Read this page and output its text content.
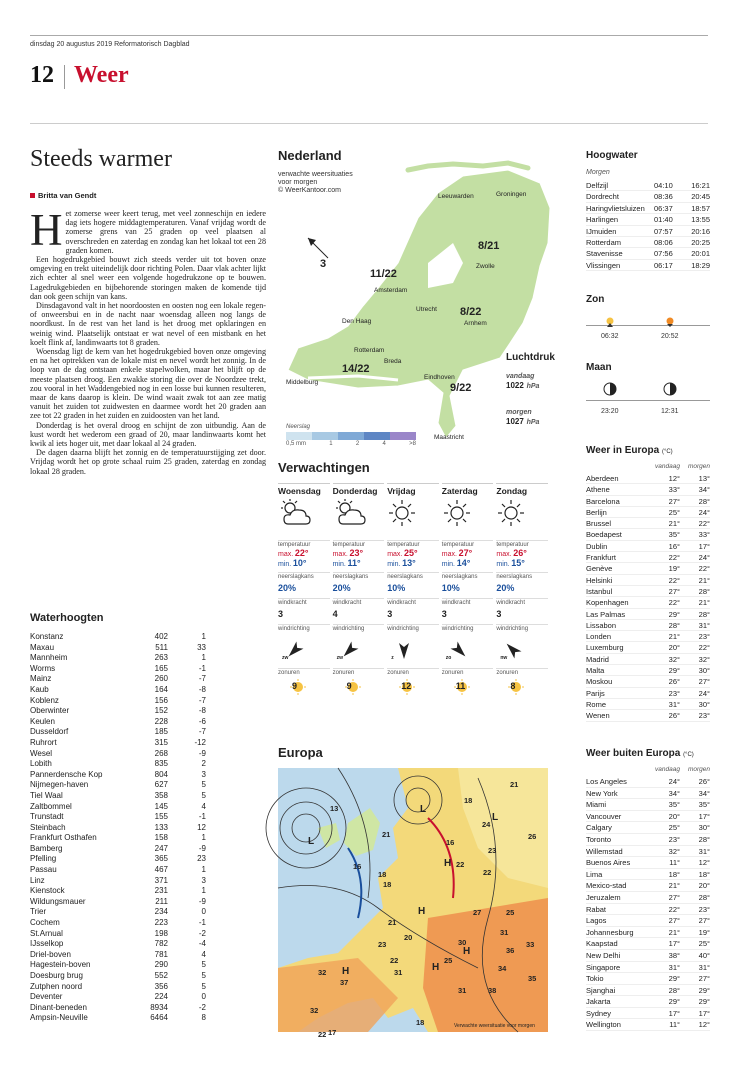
dinsdag 20 augustus 2019 Reformatorisch Dagblad
12 Weer
Steeds warmer
Britta van Gendt
H et zomerse weer keert terug, met veel zonneschijn en iedere dag iets hogere middagtemperaturen. Vanaf vrijdag wordt de zomerse grens van 25 graden op veel plaatsen al overschreden en zaterdag en zondag kan het lokaal tot een 28 graden komen.

Een hogedrukgebied bouwt zich steeds verder uit tot boven onze omgeving en trekt uiteindelijk door richting Polen. Daar vlak achter lijkt zich echter al snel weer een volgende hogedrukzone op te bouwen. Lagedrukgebieden en bijbehorende storingen maken de komende tijd dan ook geen schijn van kans.

Dinsdagavond valt in het noordoosten en oosten nog een lokale regen- of onweersbui en in de nacht naar woensdag alleen nog langs de noordkust. In de rest van het land is het droog met opklaringen en weinig wind. Plaatselijk ontstaat er wat nevel of een mistbank en het koelt flink af, landinwaarts tot 8 graden.

Woensdag ligt de kern van het hogedrukgebied boven onze omgeving en na het optrekken van de lokale mist en nevel wordt het zonnig. In de loop van de dag ontstaan enkele stapelwolken, maar het blijft op de meeste plaatsen droog. Een zwakke storing die over de Noordzee trekt, zou vooral in het Waddengebied nog in een losse bui kunnen resulteren, maar de kans daarop is klein. De wind waait zwak tot aan zee matig vanuit het zuiden tot zuidwesten en daarmee wordt het 20 graden aan zee tot 22 graden in het zuiden en zuidoosten van het land.

Donderdag is het overal droog en schijnt de zon uitbundig. Aan de kust wordt het wederom een graad of 20, maar landinwaarts komt het kwik al iets hoger uit, met daar lokaal al 24 graden.

De dagen daarna blijft het zonnig en de temperatuurstijging zet door. Vrijdag wordt het op grote schaal ruim 25 graden, zaterdag en zondag lokaal 28 graden.

Waterhoogten
Konstanz	402	1
Maxau	511	33
Mannheim	263	1
Worms	165	-1
Mainz	260	-7
Kaub	164	-8
Koblenz	156	-7
Oberwinter	152	-8
Keulen	228	-6
Dusseldorf	185	-7
Ruhrort	315	-12
Wesel	268	-9
Lobith	835	2
Pannerdensche Kop	804	3
Nijmegen-haven	627	5
Tiel Waal	358	5
Zaltbommel	145	4
Trunstadt	155	-1
Steinbach	133	12
Frankfurt Osthafen	158	1
Bamberg	247	-9
Pfelling	365	23
Passau	467	1
Linz	371	3
Kienstock	231	1
Wildungsmauer	211	-9
Trier	234	0
Cochem	223	-1
St.Arnual	198	-2
IJsselkop	782	-4
Driel-boven	781	4
Hagestein-boven	290	5
Doesburg brug	552	5
Zutphen noord	356	5
Deventer	224	0
Dinant-beneden	8934	-2
Ampsin-Neuville	6464	8
3
11/22
8/21
8/22
14/22
9/22
Leeuwarden	Groningen
Zwolle
Amsterdam
Den Haag
Utrecht
Arnhem
Rotterdam
Breda
Middelburg
Eindhoven
Maastricht
Nederland
verwachte weersituaties
voor morgen
© WeerKantoor.com
Luchtdruk
vandaag
1022 hPa
morgen
1027 hPa
Neerslag
0,5 mm	1	2	4	>8
Verwachtingen
Woensdag
temperatuur
max. 22°
min. 10°
neerslagkans
20%
windkracht
3
windrichting
zw
zonuren
9
Donderdag
temperatuur
max. 23°
min. 11°
neerslagkans
20%
windkracht
4
windrichting
zw
zonuren
9
Vrijdag
temperatuur
max. 25°
min. 13°
neerslagkans
10%
windkracht
3
windrichting
z
zonuren
12
Zaterdag
temperatuur
max. 27°
min. 14°
neerslagkans
10%
windkracht
3
windrichting
zo
zonuren
11
Zondag
temperatuur
max. 26°
min. 15°
neerslagkans
20%
windkracht
3
windrichting
nw
zonuren
8
Europa
13
21
18
16
21
18
26
23
24
22
22
16
18
25
31
27
34
30	33
36
35
37
31
31	38
32
32
22
22
21
20
25
23
18
17
L
L
H
H
H
H
H
L
Verwachte weersituatie voor morgen
Hoogwater
Morgen
Delfzijl	04:10	16:21
Dordrecht	08:36	20:45
Haringvlietsluizen	06:37	18:57
Harlingen	01:40	13:55
IJmuiden	07:57	20:16
Rotterdam	08:06	20:25
Stavenisse	07:56	20:01
Vlissingen	06:17	18:29
Zon
06:32	20:52
Maan
23:20	12:31
Weer in Europa (°C)
vandaag	morgen
Aberdeen	12°	13°
Athene	33°	34°
Barcelona	27°	28°
Berlijn	25°	24°
Brussel	21°	22°
Boedapest	35°	33°
Dublin	16°	17°
Frankfurt	22°	24°
Genève	19°	22°
Helsinki	22°	21°
Istanbul	27°	28°
Kopenhagen	22°	21°
Las Palmas	29°	28°
Lissabon	28°	31°
Londen	21°	23°
Luxemburg	20°	22°
Madrid	32°	32°
Malta	29°	30°
Moskou	26°	27°
Parijs	23°	24°
Rome	31°	30°
Wenen	26°	23°
Weer buiten Europa (°C)
vandaag	morgen
Los Angeles	24°	26°
New York	34°	34°
Miami	35°	35°
Vancouver	20°	17°
Calgary	25°	30°
Toronto	23°	28°
Willemstad	32°	31°
Buenos Aires	11°	12°
Lima	18°	18°
Mexico-stad	21°	20°
Jeruzalem	27°	28°
Rabat	22°	23°
Lagos	27°	27°
Johannesburg	21°	19°
Kaapstad	17°	25°
New Delhi	38°	40°
Singapore	31°	31°
Tokio	29°	27°
Sjanghai	28°	29°
Jakarta	29°	29°
Sydney	17°	17°
Wellington	11°	12°
